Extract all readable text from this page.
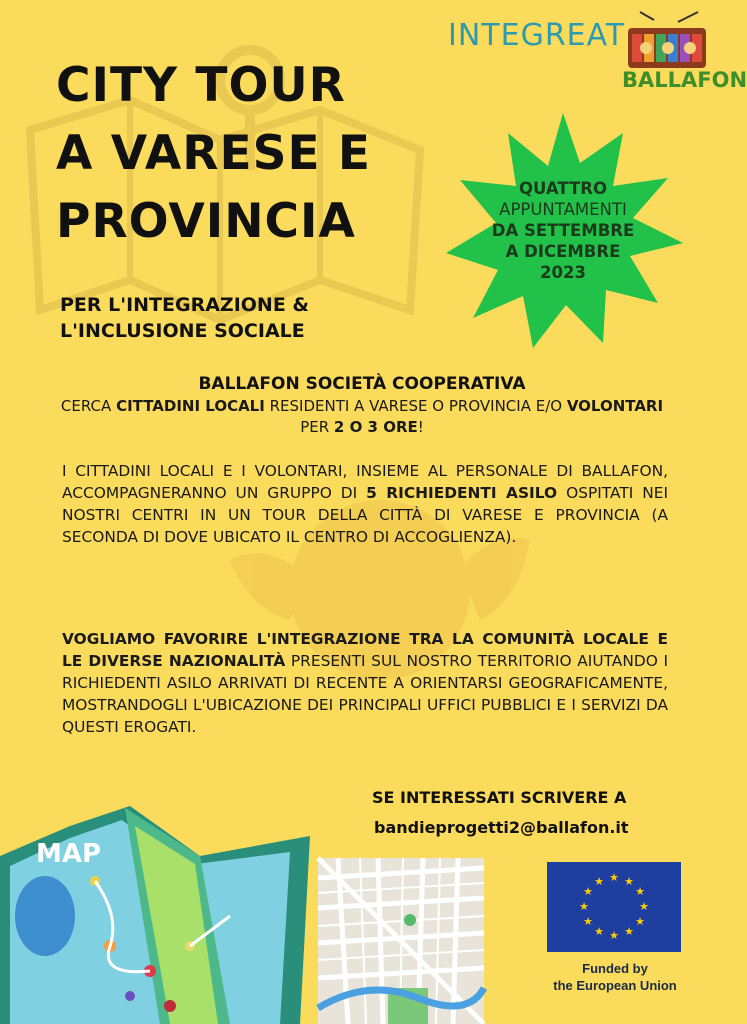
CITY TOUR
A VARESE E
PROVINCIA
PER L'INTEGRAZIONE &
L'INCLUSIONE SOCIALE
INTEGREAT
BALLAFON
QUATTRO
APPUNTAMENTI
DA SETTEMBRE
A DICEMBRE
2023
BALLAFON SOCIETÀ COOPERATIVA
CERCA CITTADINI LOCALI RESIDENTI A VARESE O PROVINCIA E/O VOLONTARI PER 2 O 3 ORE!
I CITTADINI LOCALI E I VOLONTARI, INSIEME AL PERSONALE DI BALLAFON, ACCOMPAGNERANNO UN GRUPPO DI 5 RICHIEDENTI ASILO OSPITATI NEI NOSTRI CENTRI IN UN TOUR DELLA CITTÀ DI VARESE E PROVINCIA (A SECONDA DI DOVE UBICATO IL CENTRO DI ACCOGLIENZA).
VOGLIAMO FAVORIRE L'INTEGRAZIONE TRA LA COMUNITÀ LOCALE E LE DIVERSE NAZIONALITÀ PRESENTI SUL NOSTRO TERRITORIO AIUTANDO I RICHIEDENTI ASILO ARRIVATI DI RECENTE A ORIENTARSI GEOGRAFICAMENTE, MOSTRANDOGLI L'UBICAZIONE DEI PRINCIPALI UFFICI PUBBLICI E I SERVIZI DA QUESTI EROGATI.
SE INTERESSATI SCRIVERE A
bandieprogetti2@ballafon.it
MAP
★ ★
★
★
★
★
★
★
★
★
★
★
Funded by
the European Union
